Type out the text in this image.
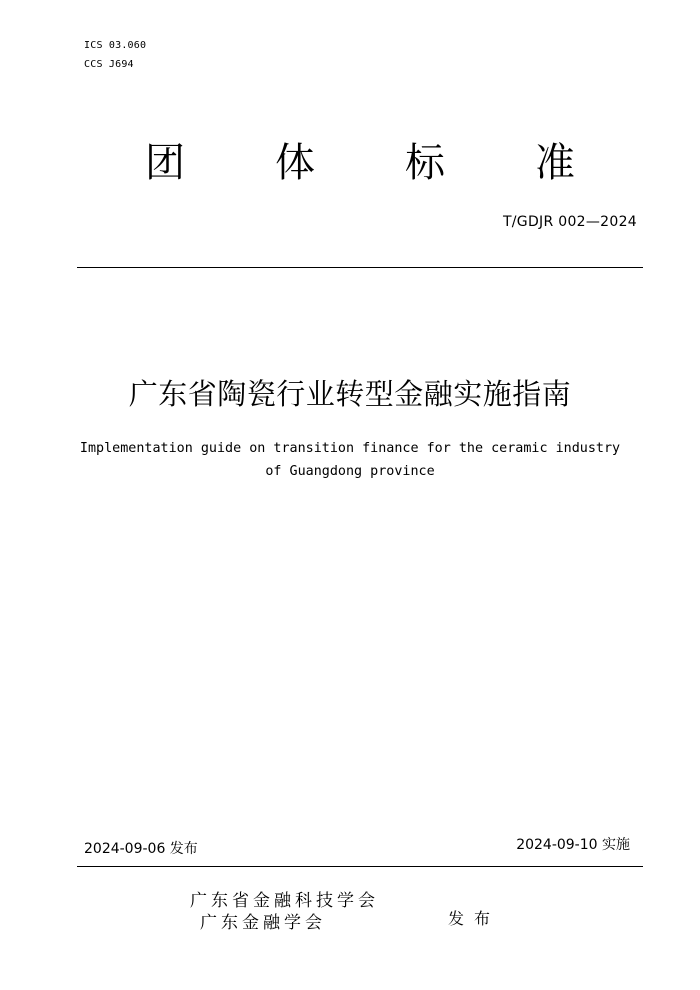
ICS 03.060
CCS J694
团 体 标 准
T/GDJR 002—2024
广东省陶瓷行业转型金融实施指南
Implementation guide on transition finance for the ceramic industry
of Guangdong province
2024-09-06 发布	2024-09-10 实施
广东省金融科技学会
广东金融学会	发布
